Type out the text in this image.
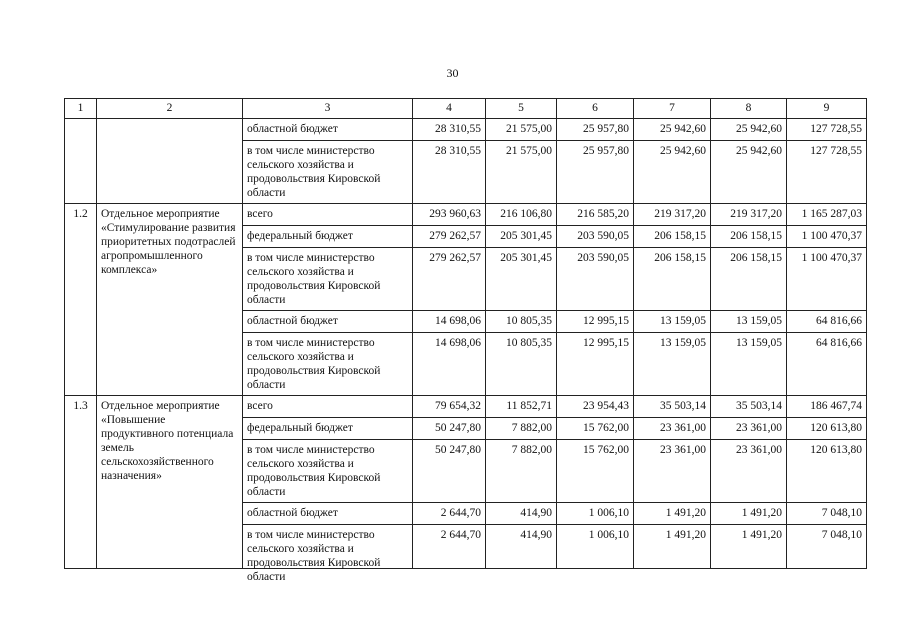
30
1	2	3	4	5	6	7	8	9
		областной бюджет	28 310,55	21 575,00	25 957,80	25 942,60	25 942,60	127 728,55
		в том числе министерство сельского хозяйства и продовольствия Кировской области	28 310,55	21 575,00	25 957,80	25 942,60	25 942,60	127 728,55
1.2	Отдельное мероприятие «Стимулирование развития приоритетных подотраслей агропромышленного комплекса»	всего	293 960,63	216 106,80	216 585,20	219 317,20	219 317,20	1 165 287,03
		федеральный бюджет	279 262,57	205 301,45	203 590,05	206 158,15	206 158,15	1 100 470,37
		в том числе министерство сельского хозяйства и продовольствия Кировской области	279 262,57	205 301,45	203 590,05	206 158,15	206 158,15	1 100 470,37
		областной бюджет	14 698,06	10 805,35	12 995,15	13 159,05	13 159,05	64 816,66
		в том числе министерство сельского хозяйства и продовольствия Кировской области	14 698,06	10 805,35	12 995,15	13 159,05	13 159,05	64 816,66
1.3	Отдельное мероприятие «Повышение продуктивного потенциала земель сельскохозяйственного назначения»	всего	79 654,32	11 852,71	23 954,43	35 503,14	35 503,14	186 467,74
		федеральный бюджет	50 247,80	7 882,00	15 762,00	23 361,00	23 361,00	120 613,80
		в том числе министерство сельского хозяйства и продовольствия Кировской области	50 247,80	7 882,00	15 762,00	23 361,00	23 361,00	120 613,80
		областной бюджет	2 644,70	414,90	1 006,10	1 491,20	1 491,20	7 048,10

		в том числе министерство сельского хозяйства и продовольствия Кировской области	2 644,70	414,90	1 006,10	1 491,20	1 491,20	7 048,10
